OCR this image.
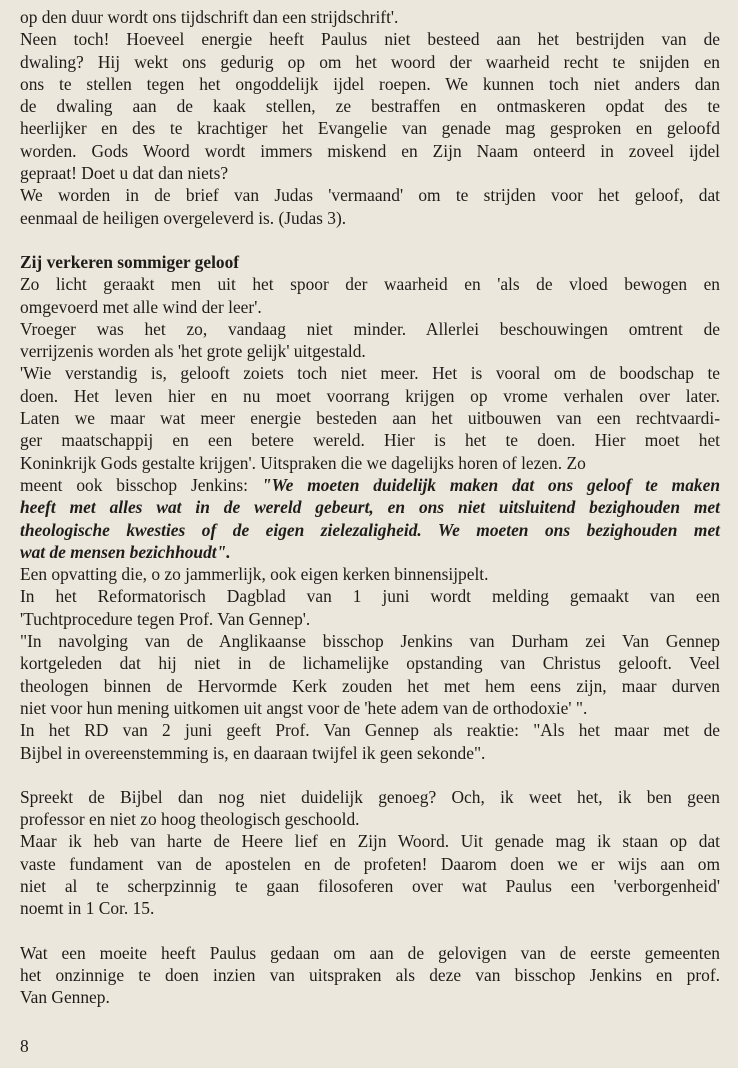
op den duur wordt ons tijdschrift dan een strijdschrift'.
Neen toch! Hoeveel energie heeft Paulus niet besteed aan het bestrijden van de
dwaling? Hij wekt ons gedurig op om het woord der waarheid recht te snijden en
ons te stellen tegen het ongoddelijk ijdel roepen. We kunnen toch niet anders dan
de dwaling aan de kaak stellen, ze bestraffen en ontmaskeren opdat des te
heerlijker en des te krachtiger het Evangelie van genade mag gesproken en geloofd
worden. Gods Woord wordt immers miskend en Zijn Naam onteerd in zoveel ijdel
gepraat! Doet u dat dan niets?
We worden in de brief van Judas 'vermaand' om te strijden voor het geloof, dat
eenmaal de heiligen overgeleverd is. (Judas 3).
Zij verkeren sommiger geloof
Zo licht geraakt men uit het spoor der waarheid en 'als de vloed bewogen en
omgevoerd met alle wind der leer'.
Vroeger was het zo, vandaag niet minder. Allerlei beschouwingen omtrent de
verrijzenis worden als 'het grote gelijk' uitgestald.
'Wie verstandig is, gelooft zoiets toch niet meer. Het is vooral om de boodschap te
doen. Het leven hier en nu moet voorrang krijgen op vrome verhalen over later.
Laten we maar wat meer energie besteden aan het uitbouwen van een rechtvaardi-
ger maatschappij en een betere wereld. Hier is het te doen. Hier moet het
Koninkrijk Gods gestalte krijgen'. Uitspraken die we dagelijks horen of lezen. Zo
meent ook bisschop Jenkins: "We moeten duidelijk maken dat ons geloof te maken
heeft met alles wat in de wereld gebeurt, en ons niet uitsluitend bezighouden met
theologische kwesties of de eigen zielezaligheid. We moeten ons bezighouden met
wat de mensen bezichhoudt".
Een opvatting die, o zo jammerlijk, ook eigen kerken binnensijpelt.
In het Reformatorisch Dagblad van 1 juni wordt melding gemaakt van een
'Tuchtprocedure tegen Prof. Van Gennep'.
"In navolging van de Anglikaanse bisschop Jenkins van Durham zei Van Gennep
kortgeleden dat hij niet in de lichamelijke opstanding van Christus gelooft. Veel
theologen binnen de Hervormde Kerk zouden het met hem eens zijn, maar durven
niet voor hun mening uitkomen uit angst voor de 'hete adem van de orthodoxie' ".
In het RD van 2 juni geeft Prof. Van Gennep als reaktie: "Als het maar met de
Bijbel in overeenstemming is, en daaraan twijfel ik geen sekonde".
Spreekt de Bijbel dan nog niet duidelijk genoeg? Och, ik weet het, ik ben geen
professor en niet zo hoog theologisch geschoold.
Maar ik heb van harte de Heere lief en Zijn Woord. Uit genade mag ik staan op dat
vaste fundament van de apostelen en de profeten! Daarom doen we er wijs aan om
niet al te scherpzinnig te gaan filosoferen over wat Paulus een 'verborgenheid'
noemt in 1 Cor. 15.
Wat een moeite heeft Paulus gedaan om aan de gelovigen van de eerste gemeenten
het onzinnige te doen inzien van uitspraken als deze van bisschop Jenkins en prof.
Van Gennep.
8
